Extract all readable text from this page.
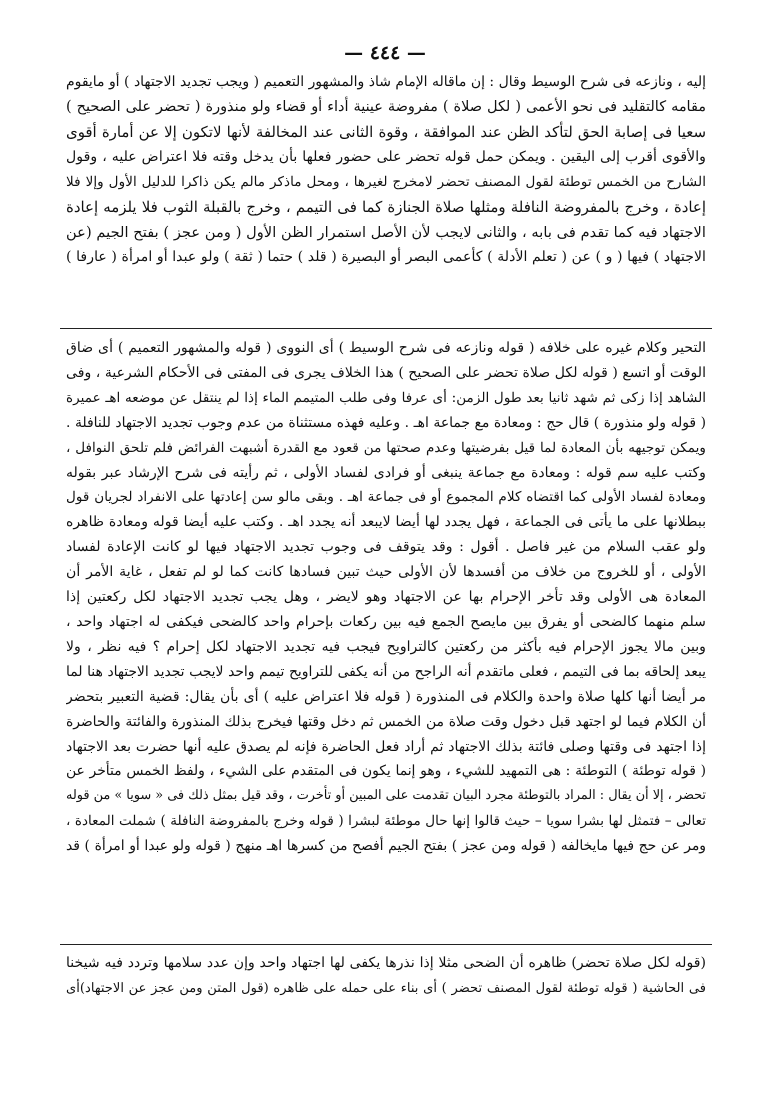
— ٤٤٤ —
إليه ، ونازعه فى شرح الوسيط وقال : إن ماقاله الإمام شاذ والمشهور التعميم ( ويجب تجديد الاجتهاد ) أو مايقوم
مقامه كالتقليد فى نحو الأعمى ( لكل صلاة ) مفروضة عينية أداء أو قضاء ولو منذورة ( تحضر على الصحيح )
سعيا فى إصابة الحق لتأكد الظن عند الموافقة ، وقوة الثانى عند المخالفة لأنها لاتكون إلا عن أمارة أقوى
والأقوى أقرب إلى اليقين . ويمكن حمل قوله تحضر على حضور فعلها بأن يدخل وقته فلا اعتراض عليه ، وقول
الشارح من الخمس توطئة لقول المصنف تحضر لامخرج لغيرها ، ومحل ماذكر مالم يكن ذاكرا للدليل الأول وإلا فلا
إعادة ، وخرج بالمفروضة النافلة ومثلها صلاة الجنازة كما فى التيمم ، وخرج بالقبلة الثوب فلا يلزمه إعادة
الاجتهاد فيه كما تقدم فى بابه ، والثانى لايجب لأن الأصل استمرار الظن الأول ( ومن عجز ) بفتح الجيم (عن
الاجتهاد ) فيها ( و ) عن ( تعلم الأدلة ) كأعمى البصر أو البصيرة ( قلد ) حتما ( ثقة ) ولو عبدا أو امرأة ( عارفا )
التحير وكلام غيره على خلافه ( قوله ونازعه فى شرح الوسيط ) أى النووى ( قوله والمشهور التعميم ) أى ضاق
الوقت أو اتسع ( قوله لكل صلاة تحضر على الصحيح ) هذا الخلاف يجرى فى المفتى فى الأحكام الشرعية ، وفى
الشاهد إذا زكى ثم شهد ثانيا بعد طول الزمن: أى عرفا وفى طلب المتيمم الماء إذا لم ينتقل عن موضعه اهـ عميرة
( قوله ولو منذورة ) قال حج : ومعادة مع جماعة اهـ . وعليه فهذه مستثناة من عدم وجوب تجديد الاجتهاد للنافلة .
ويمكن توجيهه بأن المعادة لما قيل بفرضيتها وعدم صحتها من قعود مع القدرة أشبهت الفرائض فلم تلحق النوافل ،
وكتب عليه سم قوله : ومعادة مع جماعة ينبغى أو فرادى لفساد الأولى ، ثم رأيته فى شرح الإرشاد عبر بقوله
ومعادة لفساد الأولى كما اقتضاه كلام المجموع أو فى جماعة اهـ . وبقى مالو سن إعادتها على الانفراد لجريان قول
ببطلانها على ما يأتى فى الجماعة ، فهل يجدد لها أيضا لايبعد أنه يجدد اهـ . وكتب عليه أيضا قوله ومعادة ظاهره
ولو عقب السلام من غير فاصل . أقول : وقد يتوقف فى وجوب تجديد الاجتهاد فيها لو كانت الإعادة لفساد
الأولى ، أو للخروج من خلاف من أفسدها لأن الأولى حيث تبين فسادها كانت كما لو لم تفعل ، غاية الأمر أن
المعادة هى الأولى وقد تأخر الإحرام بها عن الاجتهاد وهو لايضر ، وهل يجب تجديد الاجتهاد لكل ركعتين إذا
سلم منهما كالضحى أو يفرق بين مايصح الجمع فيه بين ركعات بإحرام واحد كالضحى فيكفى له اجتهاد واحد ،
وبين مالا يجوز الإحرام فيه بأكثر من ركعتين كالتراويح فيجب فيه تجديد الاجتهاد لكل إحرام ؟ فيه نظر ، ولا
يبعد إلحاقه بما فى التيمم ، فعلى ماتقدم أنه الراجح من أنه يكفى للتراويح تيمم واحد لايجب تجديد الاجتهاد هنا لما
مر أيضا أنها كلها صلاة واحدة والكلام فى المنذورة ( قوله فلا اعتراض عليه ) أى بأن يقال: قضية التعبير بتحضر
أن الكلام فيما لو اجتهد قبل دخول وقت صلاة من الخمس ثم دخل وقتها فيخرج بذلك المنذورة والفائتة والحاضرة
إذا اجتهد فى وقتها وصلى فائتة بذلك الاجتهاد ثم أراد فعل الحاضرة فإنه لم يصدق عليه أنها حضرت بعد الاجتهاد
( قوله توطئة ) التوطئة : هى التمهيد للشيء ، وهو إنما يكون فى المتقدم على الشيء ، ولفظ الخمس متأخر عن
تحضر ، إلا أن يقال : المراد بالتوطئة مجرد البيان تقدمت على المبين أو تأخرت ، وقد قيل بمثل ذلك فى « سويا » من قوله
تعالى – فتمثل لها بشرا سويا – حيث قالوا إنها حال موطئة لبشرا ( قوله وخرج بالمفروضة النافلة ) شملت المعادة ،
ومر عن حج فيها مايخالفه ( قوله ومن عجز ) بفتح الجيم أفصح من كسرها اهـ منهج ( قوله ولو عبدا أو امرأة ) قد
(قوله لكل صلاة تحضر) ظاهره أن الضحى مثلا إذا نذرها يكفى لها اجتهاد واحد وإن عدد سلامها وتردد فيه شيخنا
فى الحاشية ( قوله توطئة لقول المصنف تحضر ) أى بناء على حمله على ظاهره (قول المتن ومن عجز عن الاجتهاد)أى
